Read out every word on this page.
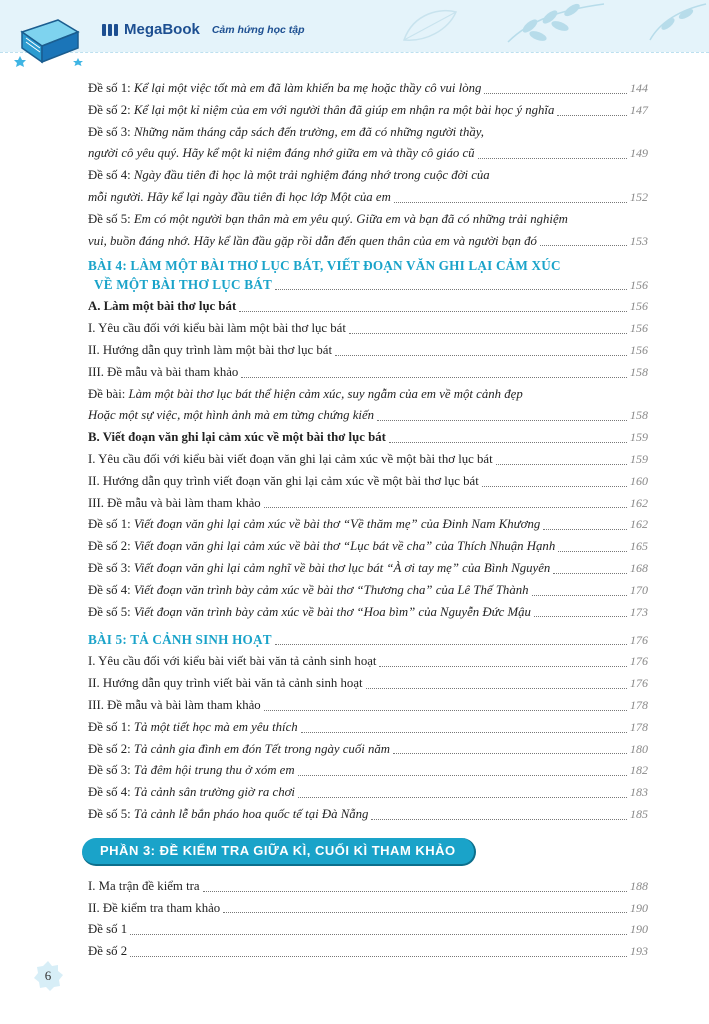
MegaBook Cảm hứng học tập
Đề số 1: Kể lại một việc tốt mà em đã làm khiến ba mẹ hoặc thầy cô vui lòng	144
Đề số 2: Kể lại một kỉ niệm của em với người thân đã giúp em nhận ra một bài học ý nghĩa	147
Đề số 3: Những năm tháng cắp sách đến trường, em đã có những người thầy,
người cô yêu quý. Hãy kể một kỉ niệm đáng nhớ giữa em và thầy cô giáo cũ	149
Đề số 4: Ngày đầu tiên đi học là một trải nghiệm đáng nhớ trong cuộc đời của
mỗi người. Hãy kể lại ngày đầu tiên đi học lớp Một của em	152
Đề số 5: Em có một người bạn thân mà em yêu quý. Giữa em và bạn đã có những trải nghiệm
vui, buồn đáng nhớ. Hãy kể lần đầu gặp rồi dẫn đến quen thân của em và người bạn đó	153
BÀI 4: LÀM MỘT BÀI THƠ LỤC BÁT, VIẾT ĐOẠN VĂN GHI LẠI CẢM XÚC
VỀ MỘT BÀI THƠ LỤC BÁT	156
A. Làm một bài thơ lục bát	156
I. Yêu cầu đối với kiểu bài làm một bài thơ lục bát	156
II. Hướng dẫn quy trình làm một bài thơ lục bát	156
III. Đề mẫu và bài tham khảo	158
Đề bài: Làm một bài thơ lục bát thể hiện cảm xúc, suy ngẫm của em về một cảnh đẹp
Hoặc một sự việc, một hình ảnh mà em từng chứng kiến	158
B. Viết đoạn văn ghi lại cảm xúc về một bài thơ lục bát	159
I. Yêu cầu đối với kiểu bài viết đoạn văn ghi lại cảm xúc về một bài thơ lục bát	159
II. Hướng dẫn quy trình viết đoạn văn ghi lại cảm xúc về một bài thơ lục bát	160
III. Đề mẫu và bài làm tham khảo	162
Đề số 1: Viết đoạn văn ghi lại cảm xúc về bài thơ “Về thăm mẹ” của Đinh Nam Khương	162
Đề số 2: Viết đoạn văn ghi lại cảm xúc về bài thơ “Lục bát về cha” của Thích Nhuận Hạnh	165
Đề số 3: Viết đoạn văn ghi lại cảm nghĩ về bài thơ lục bát “À ơi tay mẹ” của Bình Nguyên	168
Đề số 4: Viết đoạn văn trình bày cảm xúc về bài thơ “Thương cha” của Lê Thế Thành	170
Đề số 5: Viết đoạn văn trình bày cảm xúc về bài thơ “Hoa bìm” của Nguyễn Đức Mậu	173
BÀI 5: TẢ CẢNH SINH HOẠT	176
I. Yêu cầu đối với kiểu bài viết bài văn tả cảnh sinh hoạt	176
II. Hướng dẫn quy trình viết bài văn tả cảnh sinh hoạt	176
III. Đề mẫu và bài làm tham khảo	178
Đề số 1: Tả một tiết học mà em yêu thích	178
Đề số 2: Tả cảnh gia đình em đón Tết trong ngày cuối năm	180
Đề số 3: Tả đêm hội trung thu ở xóm em	182
Đề số 4: Tả cảnh sân trường giờ ra chơi	183
Đề số 5: Tả cảnh lễ bắn pháo hoa quốc tế tại Đà Nẵng	185
PHẦN 3: ĐỀ KIỂM TRA GIỮA KÌ, CUỐI KÌ THAM KHẢO
I. Ma trận đề kiểm tra	188
II. Đề kiểm tra tham khảo	190
Đề số 1	190
Đề số 2	193
6
